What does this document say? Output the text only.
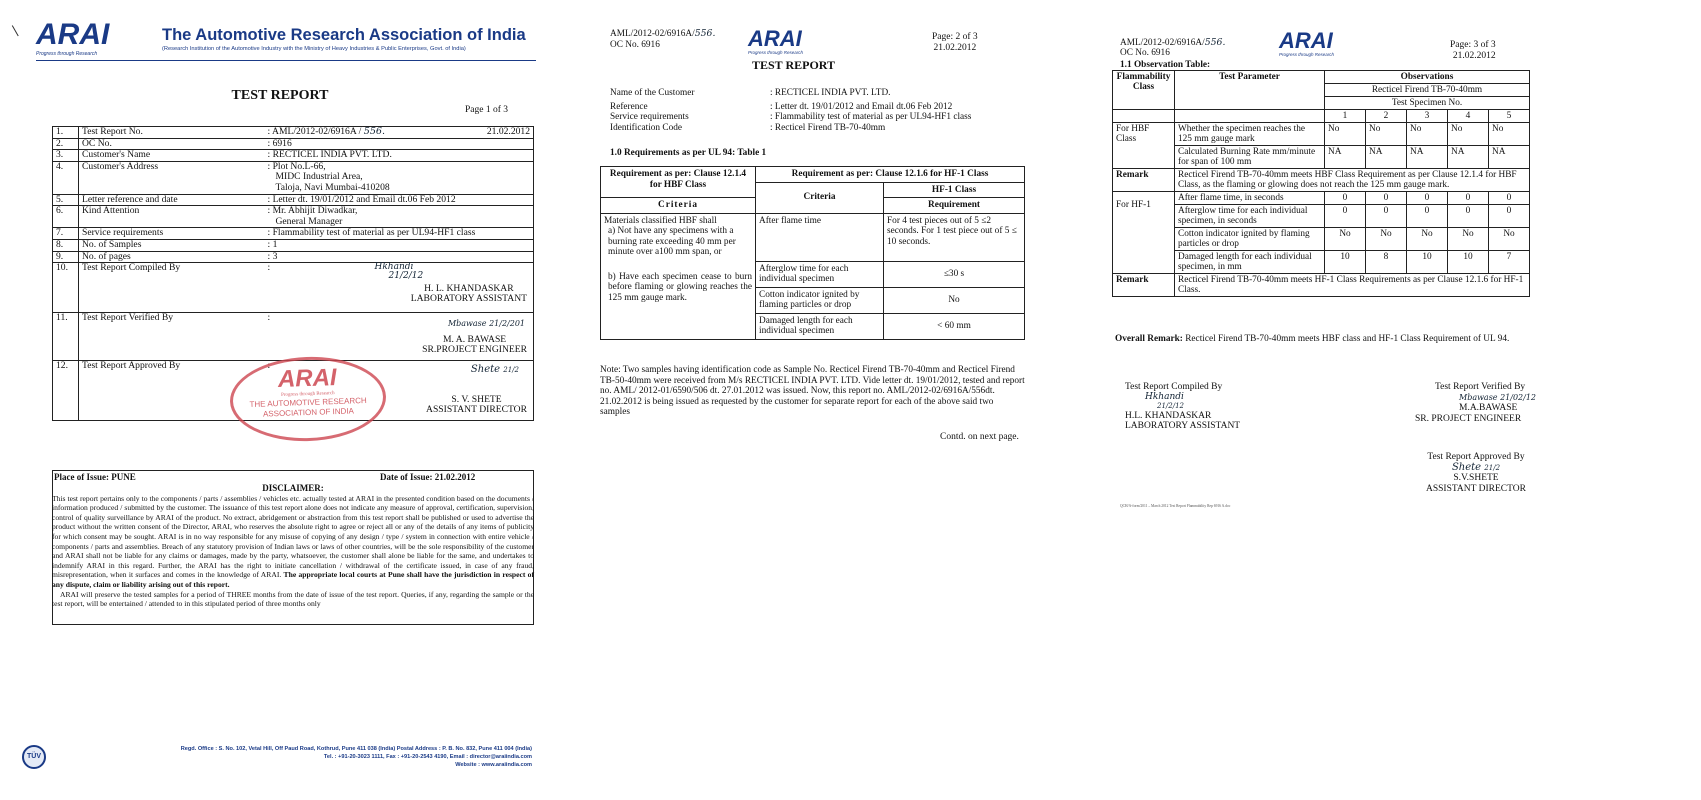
ARAI
Progress through Research
The Automotive Research Association of India
(Research Institution of the Automotive Industry with the Ministry of Heavy Industries & Public Enterprises, Govt. of India)
TEST REPORT
Page 1 of 3
1.	Test Report No.	: AML/2012-02/6916A / 556. 21.02.2012

2.	OC No.	: 6916
3.	Customer's Name	: RECTICEL INDIA PVT. LTD.
4.	Customer's Address	: Plot No.L-66,
MIDC Industrial Area,
Taloja, Navi Mumbai-410208

5.	Letter reference and date	: Letter dt. 19/01/2012 and Email dt.06 Feb 2012
6.	Kind Attention	: Mr. Abhijit Diwadkar,
General Manager

7.	Service requirements	: Flammability test of material as per UL94-HF1 class
8.	No. of Samples	: 1
9.	No. of pages	: 3
10.	Test Report Compiled By	: Hkhandi
21/2/12
H. L. KHANDASKAR
LABORATORY ASSISTANT

11.	Test Report Verified By	:
Mbawase 21/2/201
M. A. BAWASE
SR.PROJECT ENGINEER

12.	Test Report Approved By	: Shete 21/2
S. V. SHETE
ASSISTANT DIRECTOR
ARAI
Progress through Research
THE AUTOMOTIVE RESEARCH
ASSOCIATION OF INDIA
Place of Issue: PUNE	Date of Issue: 21.02.2012
DISCLAIMER:
This test report pertains only to the components / parts / assemblies / vehicles etc. actually tested at ARAI in the presented condition based on the documents / information produced / submitted by the customer. The issuance of this test report alone does not indicate any measure of approval, certification, supervision, control of quality surveillance by ARAI of the product. No extract, abridgement or abstraction from this test report shall be published or used to advertise the product without the written consent of the Director, ARAI, who reserves the absolute right to agree or reject all or any of the details of any items of publicity for which consent may be sought. ARAI is in no way responsible for any misuse of copying of any design / type / system in connection with entire vehicle / components / parts and assemblies. Breach of any statutory provision of Indian laws or laws of other countries, will be the sole responsibility of the customer and ARAI shall not be liable for any claims or damages, made by the party, whatsoever, the customer shall alone be liable for the same, and undertakes to indemnify ARAI in this regard. Further, the ARAI has the right to initiate cancellation / withdrawal of the certificate issued, in case of any fraud, misrepresentation, when it surfaces and comes in the knowledge of ARAI. The appropriate local courts at Pune shall have the jurisdiction in respect of any dispute, claim or liability arising out of this report.
ARAI will preserve the tested samples for a period of THREE months from the date of issue of the test report. Queries, if any, regarding the sample or the test report, will be entertained / attended to in this stipulated period of three months only
TÜV
Regd. Office : S. No. 102, Vetal Hill, Off Paud Road, Kothrud, Pune 411 038 (India) Postal Address : P. B. No. 832, Pune 411 004 (India)
Tel. : +91-20-3023 1111, Fax : +91-20-2543 4190, Email : director@araiindia.com
Website : www.araiindia.com
AML/2012-02/6916A/556.
OC No. 6916	ARAI
Progress through Research
Page: 2 of 3
21.02.2012
TEST REPORT
Name of the Customer	: RECTICEL INDIA PVT. LTD.
Reference	: Letter dt. 19/01/2012 and Email dt.06 Feb 2012
Service requirements	: Flammability test of material as per UL94-HF1 class
Identification Code	: Recticel Firend TB-70-40mm
1.0 Requirements as per UL 94: Table 1
Requirement as per: Clause 12.1.4 for HBF Class	Requirement as per: Clause 12.1.6 for HF-1 Class	
	Criteria	HF-1 Class
Criteria		Requirement

Materials classified HBF shall
a) Not have any specimens with a burning rate exceeding 40 mm per minute over a100 mm span, or
b) Have each specimen cease to burn before flaming or glowing reaches the 125 mm gauge mark.	After flame time	For 4 test pieces out of 5 ≤2 seconds. For 1 test piece out of 5 ≤ 10 seconds.
	Afterglow time for each individual specimen	≤30 s
	Cotton indicator ignited by flaming particles or drop	No
	Damaged length for each individual specimen	< 60 mm
Note: Two samples having identification code as Sample No. Recticel Firend TB-70-40mm and Recticel Firend TB-50-40mm were received from M/s RECTICEL INDIA PVT. LTD. Vide letter dt. 19/01/2012, tested and report no. AML/ 2012-01/6590/506 dt. 27.01.2012 was issued. Now, this report no. AML/2012-02/6916A/556dt. 21.02.2012 is being issued as requested by the customer for separate report for each of the above said two samples
Contd. on next page.
AML/2012-02/6916A/556.
OC No. 6916	ARAI
Progress through Research
Page: 3 of 3
21.02.2012
1.1 Observation Table:
Flammability Class	Test Parameter	Observations				
		Recticel Firend TB-70-40mm				
		Test Specimen No.				
		1	2	3	4	5
For HBF Class	Whether the specimen reaches the 125 mm gauge mark	No	No	No	No	No
	Calculated Burning Rate mm/minute for span of 100 mm	NA	NA	NA	NA	NA
Remark	Recticel Firend TB-70-40mm meets HBF Class Requirement as per Clause 12.1.4 for HBF Class, as the flaming or glowing does not reach the 125 mm gauge mark.					
For HF-1	After flame time, in seconds	0	0	0	0	0
	Afterglow time for each individual specimen, in seconds	0	0	0	0	0
	Cotton indicator ignited by flaming particles or drop	No	No	No	No	No
	Damaged length for each individual specimen, in mm	10	8	10	10	7
Remark	Recticel Firend TB-70-40mm meets HF-1 Class Requirements as per Clause 12.1.6 for HF-1 Class.					
Overall Remark: Recticel Firend TB-70-40mm meets HBF class and HF-1 Class Requirement of UL 94.
Test Report Compiled By
Hkhandi
21/2/12
H.L. KHANDASKAR
LABORATORY ASSISTANT
Test Report Verified By
Mbawase 21/02/12
M.A.BAWASE
SR. PROJECT ENGINEER
Test Report Approved By
Shete 21/2
S.V.SHETE
ASSISTANT DIRECTOR
QCH/A-form/2011 – March 2012 Test Report Flammability Rep 6916 A.doc
